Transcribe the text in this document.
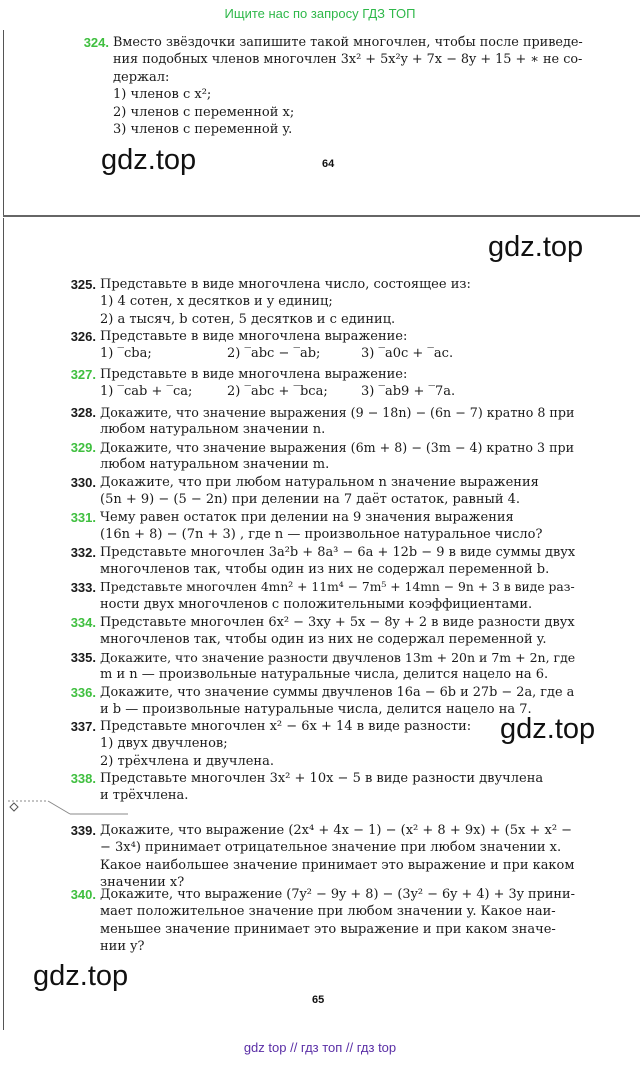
Ищите нас по запросу ГДЗ ТОП
gdz.top	64
gdz.top
gdz.top
gdz.top
65
324. Вместо звёздочки запишите такой многочлен, чтобы после приведе-
ния подобных членов многочлен 3x² + 5x²y + 7x − 8y + 15 + ∗ не со-
держал:
1) членов с x²;
2) членов с переменной x;
3) членов с переменной y.
325. Представьте в виде многочлена число, состоящее из:
1) 4 сотен, x десятков и y единиц;
2) a тысяч, b сотен, 5 десятков и c единиц.
326. Представьте в виде многочлена выражение:
1) ‾cba;	2) ‾abc − ‾ab;	3) ‾a0c + ‾ac.
327. Представьте в виде многочлена выражение:
1) ‾cab + ‾ca;	2) ‾abc + ‾bca;	3) ‾ab9 + ‾7a.
328. Докажите, что значение выражения (9 − 18n) − (6n − 7) кратно 8 при
любом натуральном значении n.
329. Докажите, что значение выражения (6m + 8) − (3m − 4) кратно 3 при
любом натуральном значении m.
330. Докажите, что при любом натуральном n значение выражения
(5n + 9) − (5 − 2n) при делении на 7 даёт остаток, равный 4.
331. Чему равен остаток при делении на 9 значения выражения
(16n + 8) − (7n + 3) , где n — произвольное натуральное число?
332. Представьте многочлен 3a²b + 8a³ − 6a + 12b − 9 в виде суммы двух
многочленов так, чтобы один из них не содержал переменной b.
333. Представьте многочлен 4mn² + 11m⁴ − 7m⁵ + 14mn − 9n + 3 в виде раз-
ности двух многочленов с положительными коэффициентами.
334. Представьте многочлен 6x² − 3xy + 5x − 8y + 2 в виде разности двух
многочленов так, чтобы один из них не содержал переменной y.
335. Докажите, что значение разности двучленов 13m + 20n и 7m + 2n, где
m и n — произвольные натуральные числа, делится нацело на 6.
336. Докажите, что значение суммы двучленов 16a − 6b и 27b − 2a, где a
и b — произвольные натуральные числа, делится нацело на 7.
337. Представьте многочлен x² − 6x + 14 в виде разности:
1) двух двучленов;
2) трёхчлена и двучлена.
338. Представьте многочлен 3x² + 10x − 5 в виде разности двучлена
и трёхчлена.
339. Докажите, что выражение (2x⁴ + 4x − 1) − (x² + 8 + 9x) + (5x + x² −
− 3x⁴) принимает отрицательное значение при любом значении x.
Какое наибольшее значение принимает это выражение и при каком
значении x?
340. Докажите, что выражение (7y² − 9y + 8) − (3y² − 6y + 4) + 3y прини-
мает положительное значение при любом значении y. Какое наи-
меньшее значение принимает это выражение и при каком значе-
нии y?
gdz top // гдз топ // гдз top
